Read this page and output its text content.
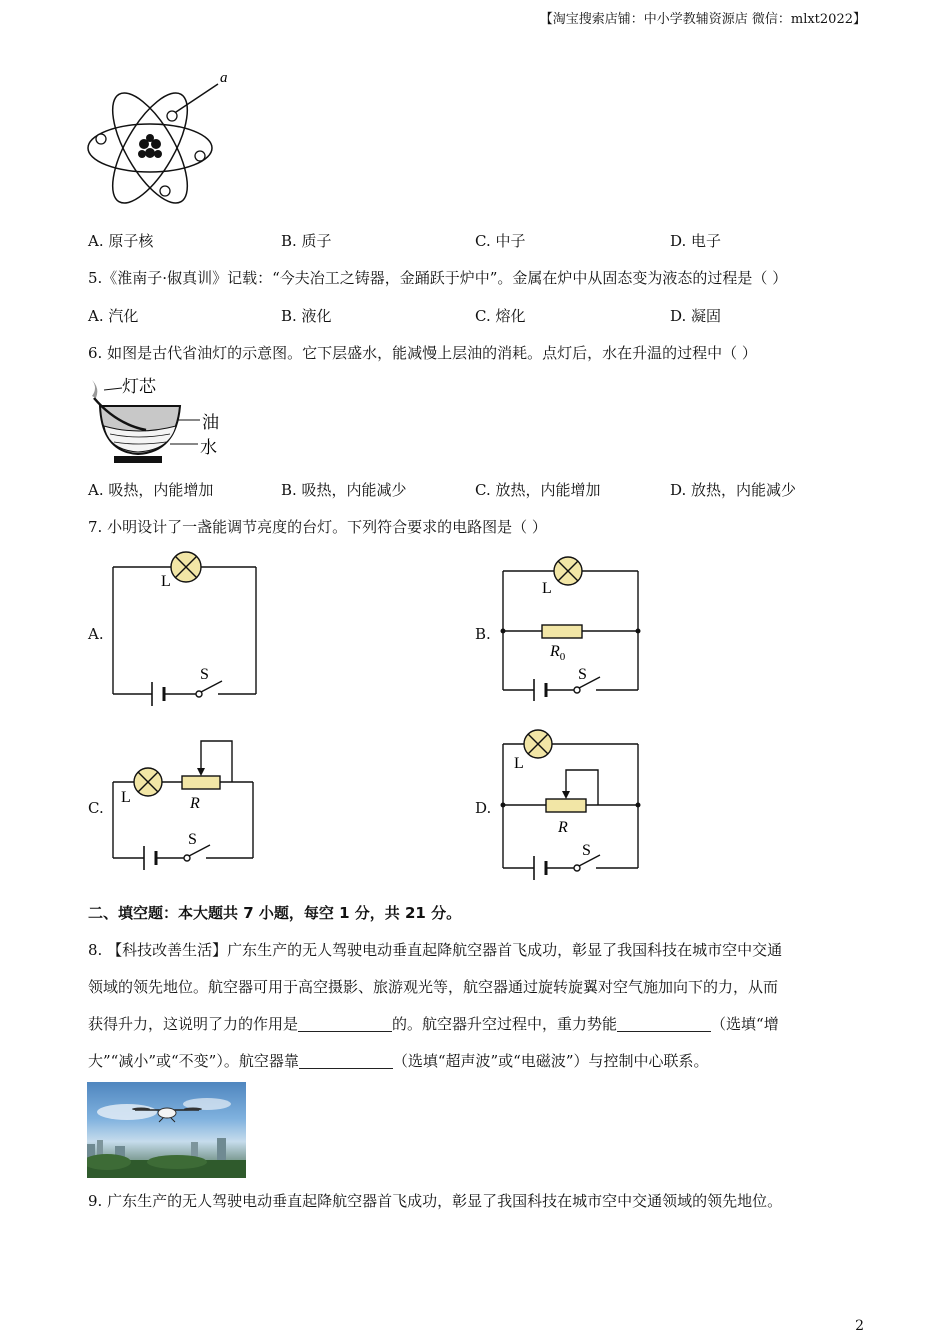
【淘宝搜索店铺：中小学教辅资源店 微信：mlxt2022】
a
A. 原子核	B. 质子	C. 中子	D. 电子
5.《淮南子·俶真训》记载：“今夫冶工之铸器，金踊跃于炉中”。金属在炉中从固态变为液态的过程是（ ）
A. 汽化	B. 液化	C. 熔化	D. 凝固
6. 如图是古代省油灯的示意图。它下层盛水，能减慢上层油的消耗。点灯后，水在升温的过程中（ ）
灯芯
油
水
A. 吸热，内能增加	B. 吸热，内能减少	C. 放热，内能增加	D. 放热，内能减少
7. 小明设计了一盏能调节亮度的台灯。下列符合要求的电路图是（ ）
A.
L
S
B.
L
$R_0$
S
C.
L	R
S
D.
L
R
S
二、填空题：本大题共 7 小题，每空 1 分，共 21 分。
8. 【科技改善生活】广东生产的无人驾驶电动垂直起降航空器首飞成功，彰显了我国科技在城市空中交通
领域的领先地位。航空器可用于高空摄影、旅游观光等，航空器通过旋转旋翼对空气施加向下的力，从而
获得升力，这说明了力的作用是	的。航空器升空过程中，重力势能	（选填“增
大”“减小”或“不变”）。航空器靠	（选填“超声波”或“电磁波”）与控制中心联系。
9. 广东生产的无人驾驶电动垂直起降航空器首飞成功，彰显了我国科技在城市空中交通领域的领先地位。
2
